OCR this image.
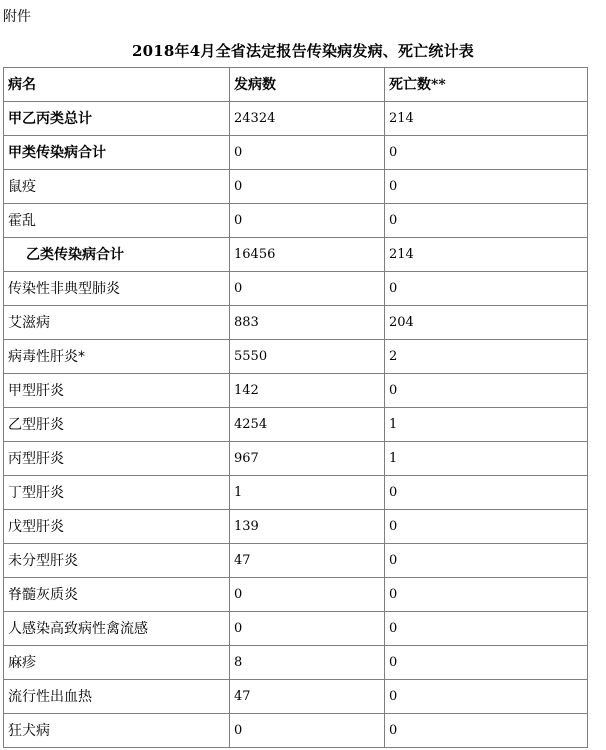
附件
2018年4月全省法定报告传染病发病、死亡统计表
病名	发病数	死亡数**
甲乙丙类总计	24324	214
甲类传染病合计	0	0
鼠疫	0	0
霍乱	0	0
乙类传染病合计	16456	214
传染性非典型肺炎	0	0
艾滋病	883	204
病毒性肝炎*	5550	2
甲型肝炎	142	0
乙型肝炎	4254	1
丙型肝炎	967	1
丁型肝炎	1	0
戊型肝炎	139	0
未分型肝炎	47	0
脊髓灰质炎	0	0
人感染高致病性禽流感	0	0
麻疹	8	0
流行性出血热	47	0
狂犬病	0	0
